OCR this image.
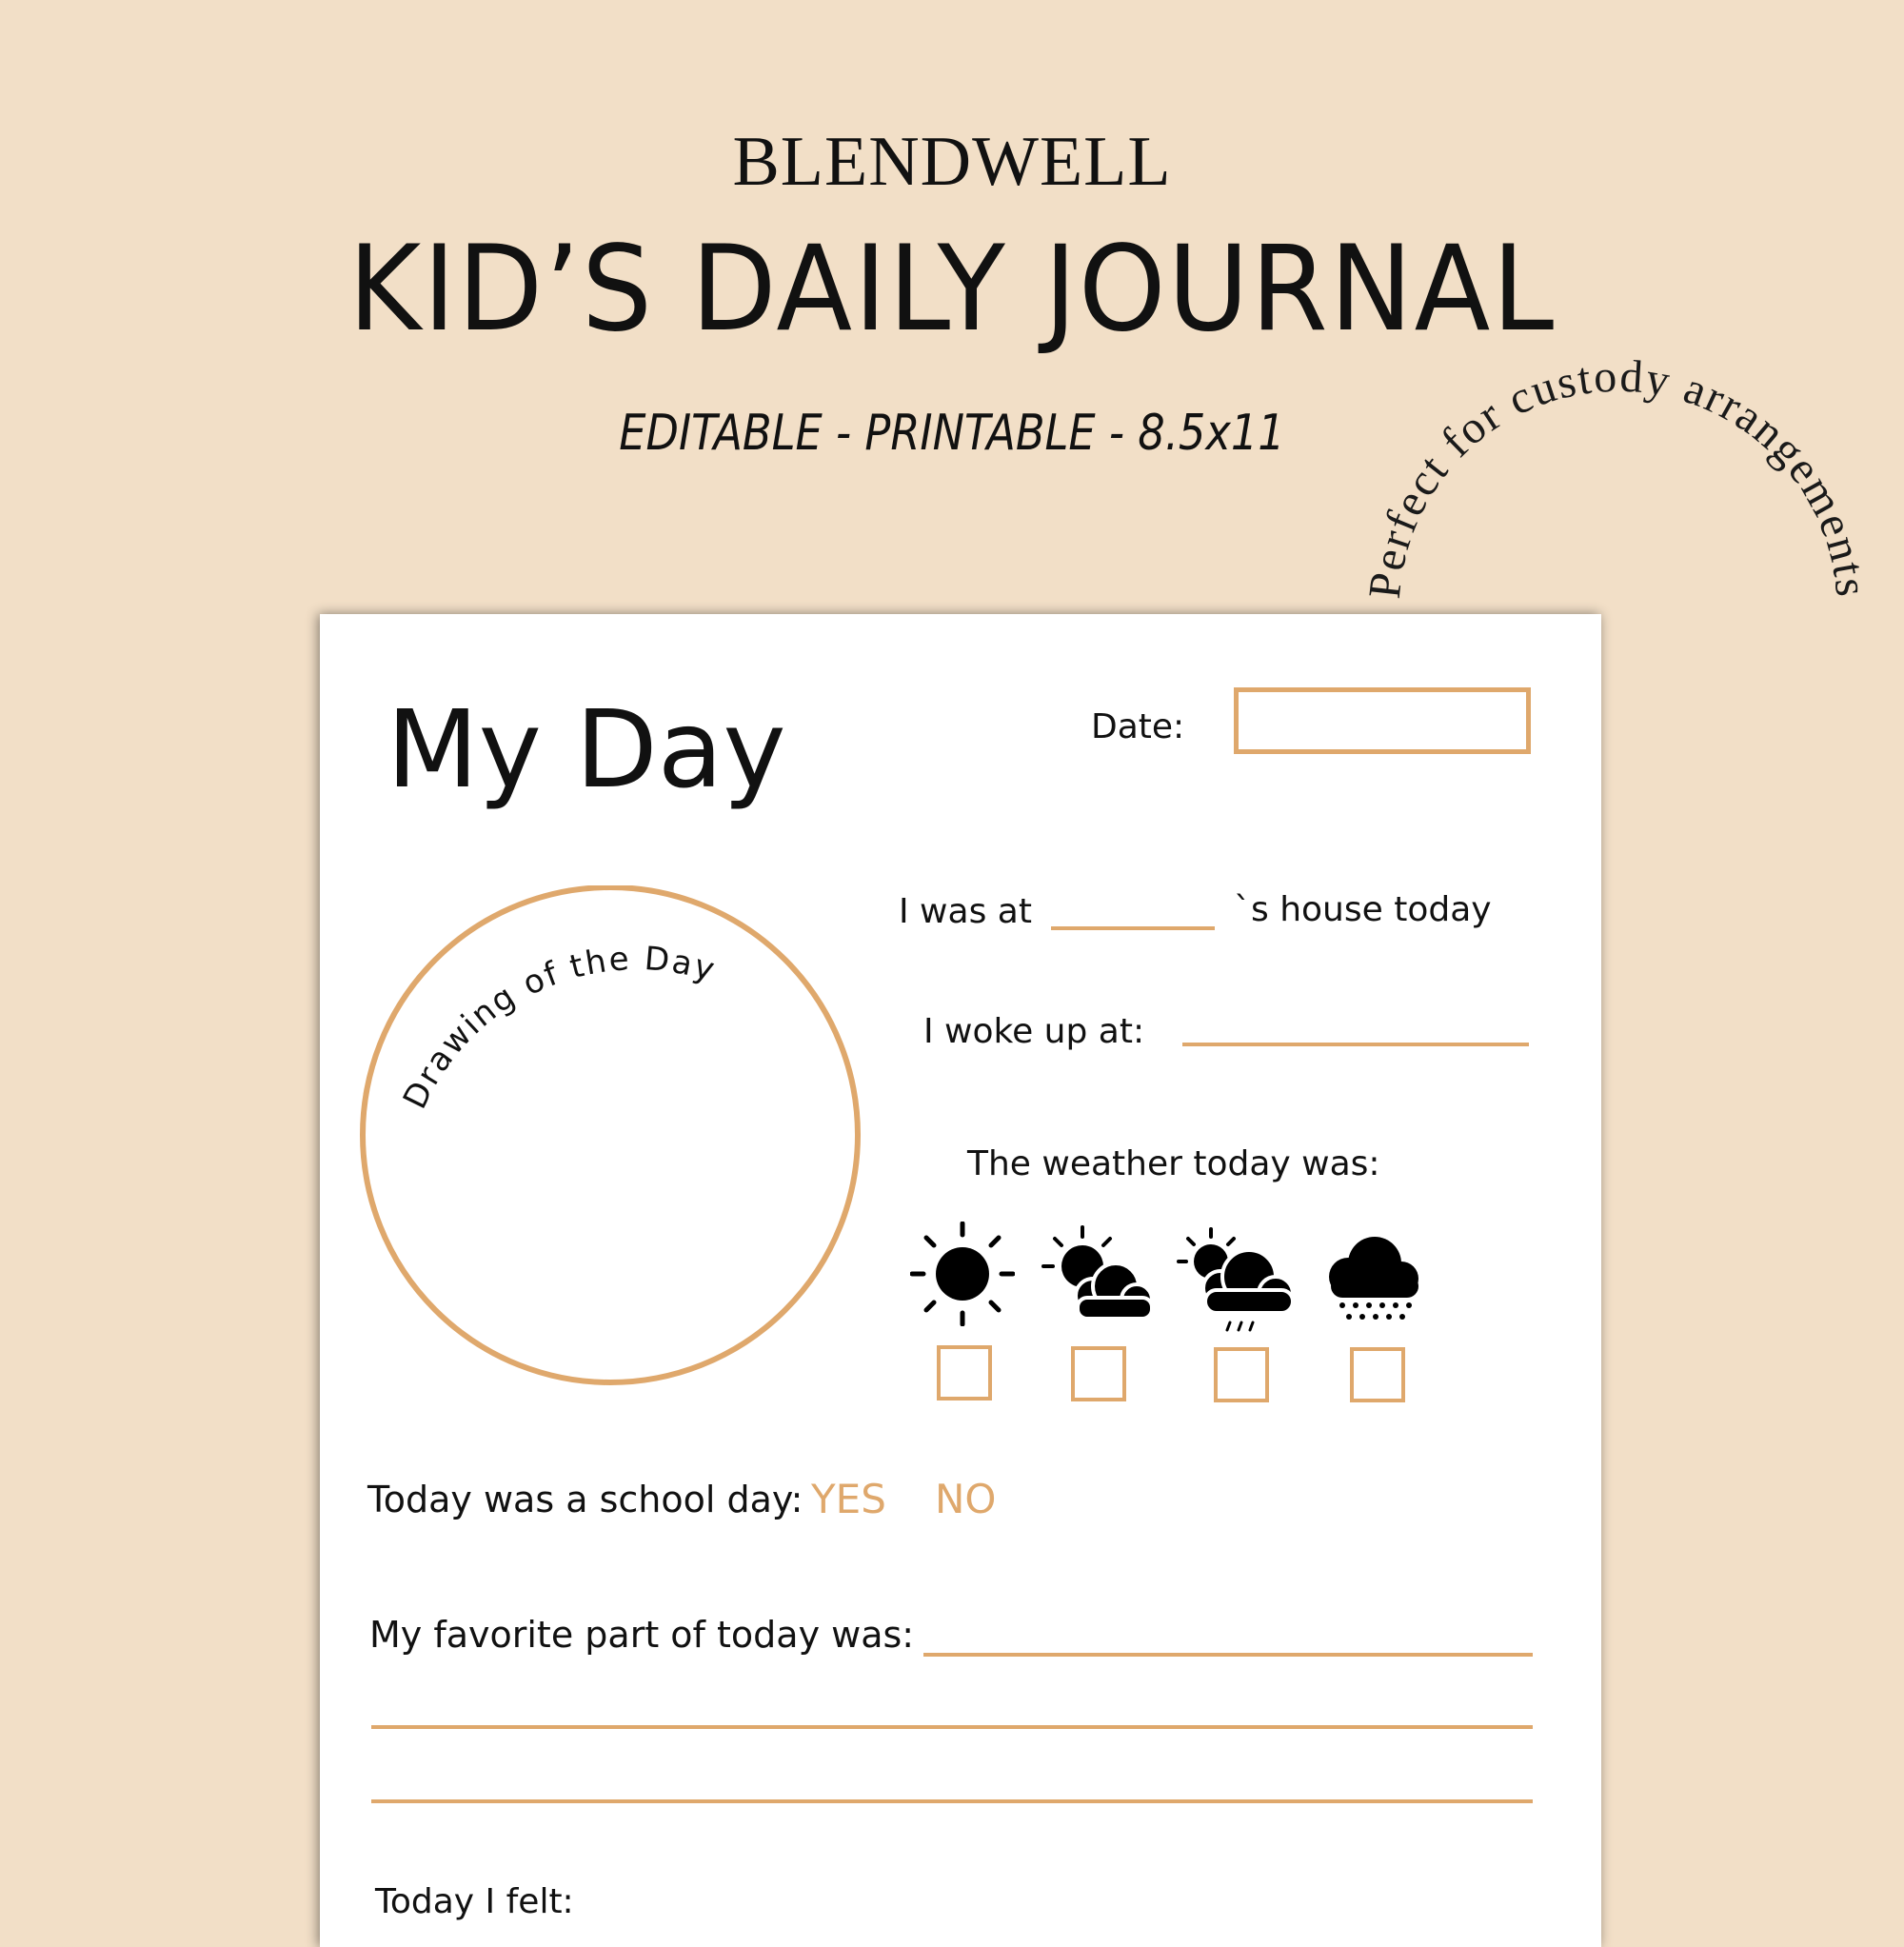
BLENDWELL
KID’S DAILY JOURNAL
EDITABLE - PRINTABLE - 8.5x11
Perfect for custody arrangements
My Day	Date:
Drawing of the Day
I was at	`s house today
I woke up at:
The weather today was:
Today was a school day: YES NO
My favorite part of today was:
Today I felt:
